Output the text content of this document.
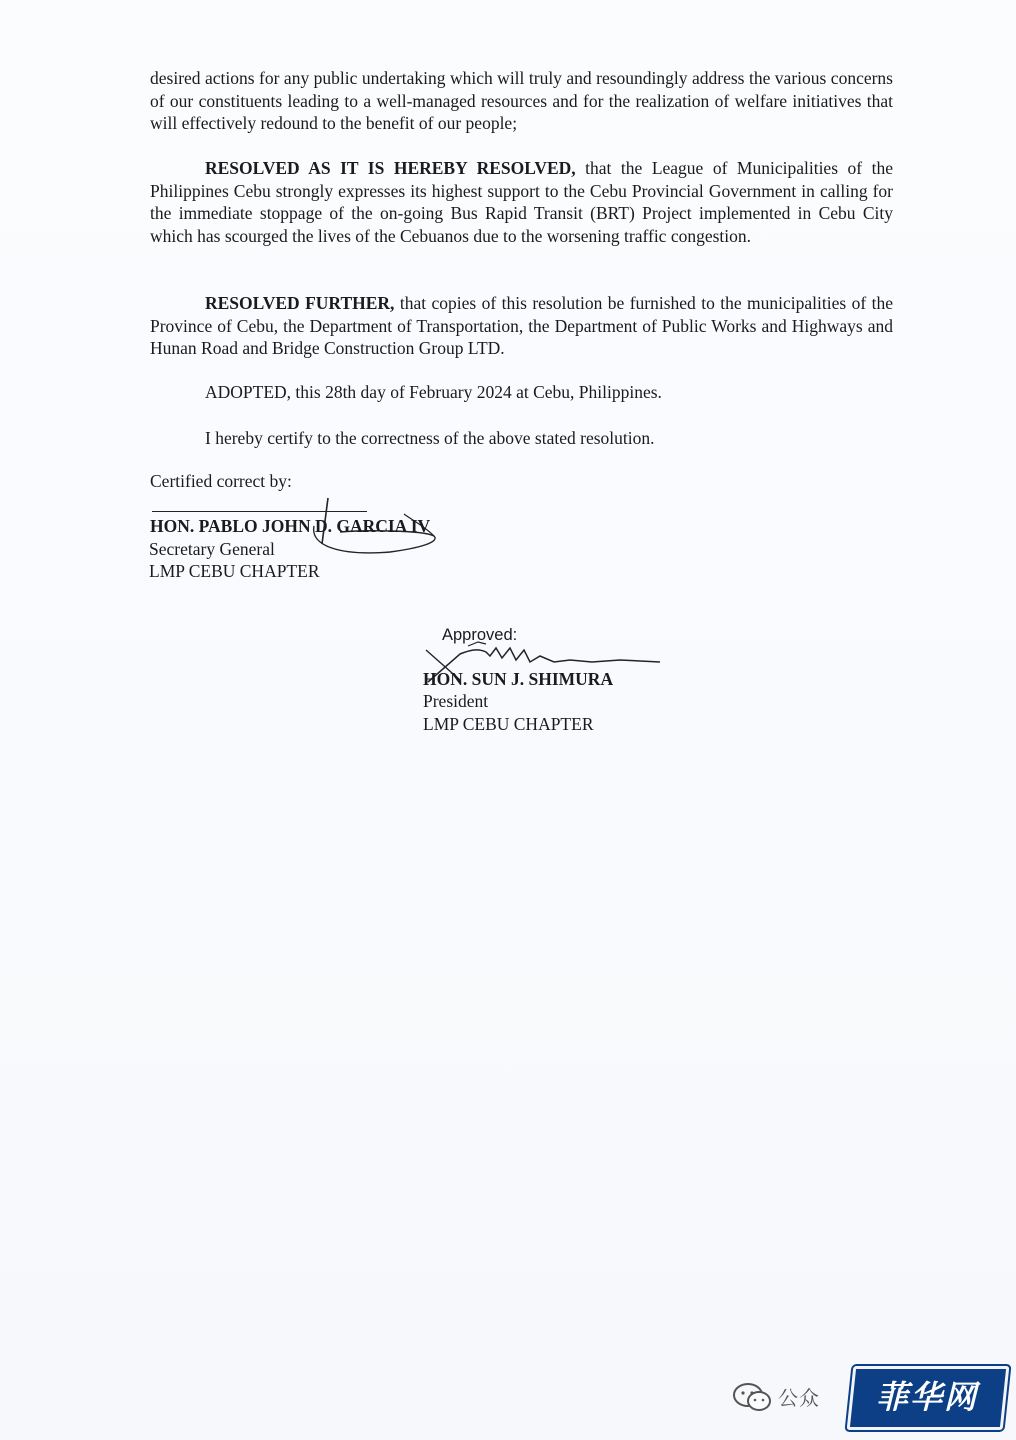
desired actions for any public undertaking which will truly and resoundingly address the various concerns of our constituents leading to a well-managed resources and for the realization of welfare initiatives that will effectively redound to the benefit of our people;

RESOLVED AS IT IS HEREBY RESOLVED, that the League of Municipalities of the Philippines Cebu strongly expresses its highest support to the Cebu Provincial Government in calling for the immediate stoppage of the on-going Bus Rapid Transit (BRT) Project implemented in Cebu City which has scourged the lives of the Cebuanos due to the worsening traffic congestion.

RESOLVED FURTHER, that copies of this resolution be furnished to the municipalities of the Province of Cebu, the Department of Transportation, the Department of Public Works and Highways and Hunan Road and Bridge Construction Group LTD.

ADOPTED, this 28th day of February 2024 at Cebu, Philippines.

I hereby certify to the correctness of the above stated resolution.

Certified correct by:

HON. PABLO JOHN D. GARCIA IV

Secretary General

LMP CEBU CHAPTER

Approved:

HON. SUN J. SHIMURA

President

LMP CEBU CHAPTER

公众	菲华网
